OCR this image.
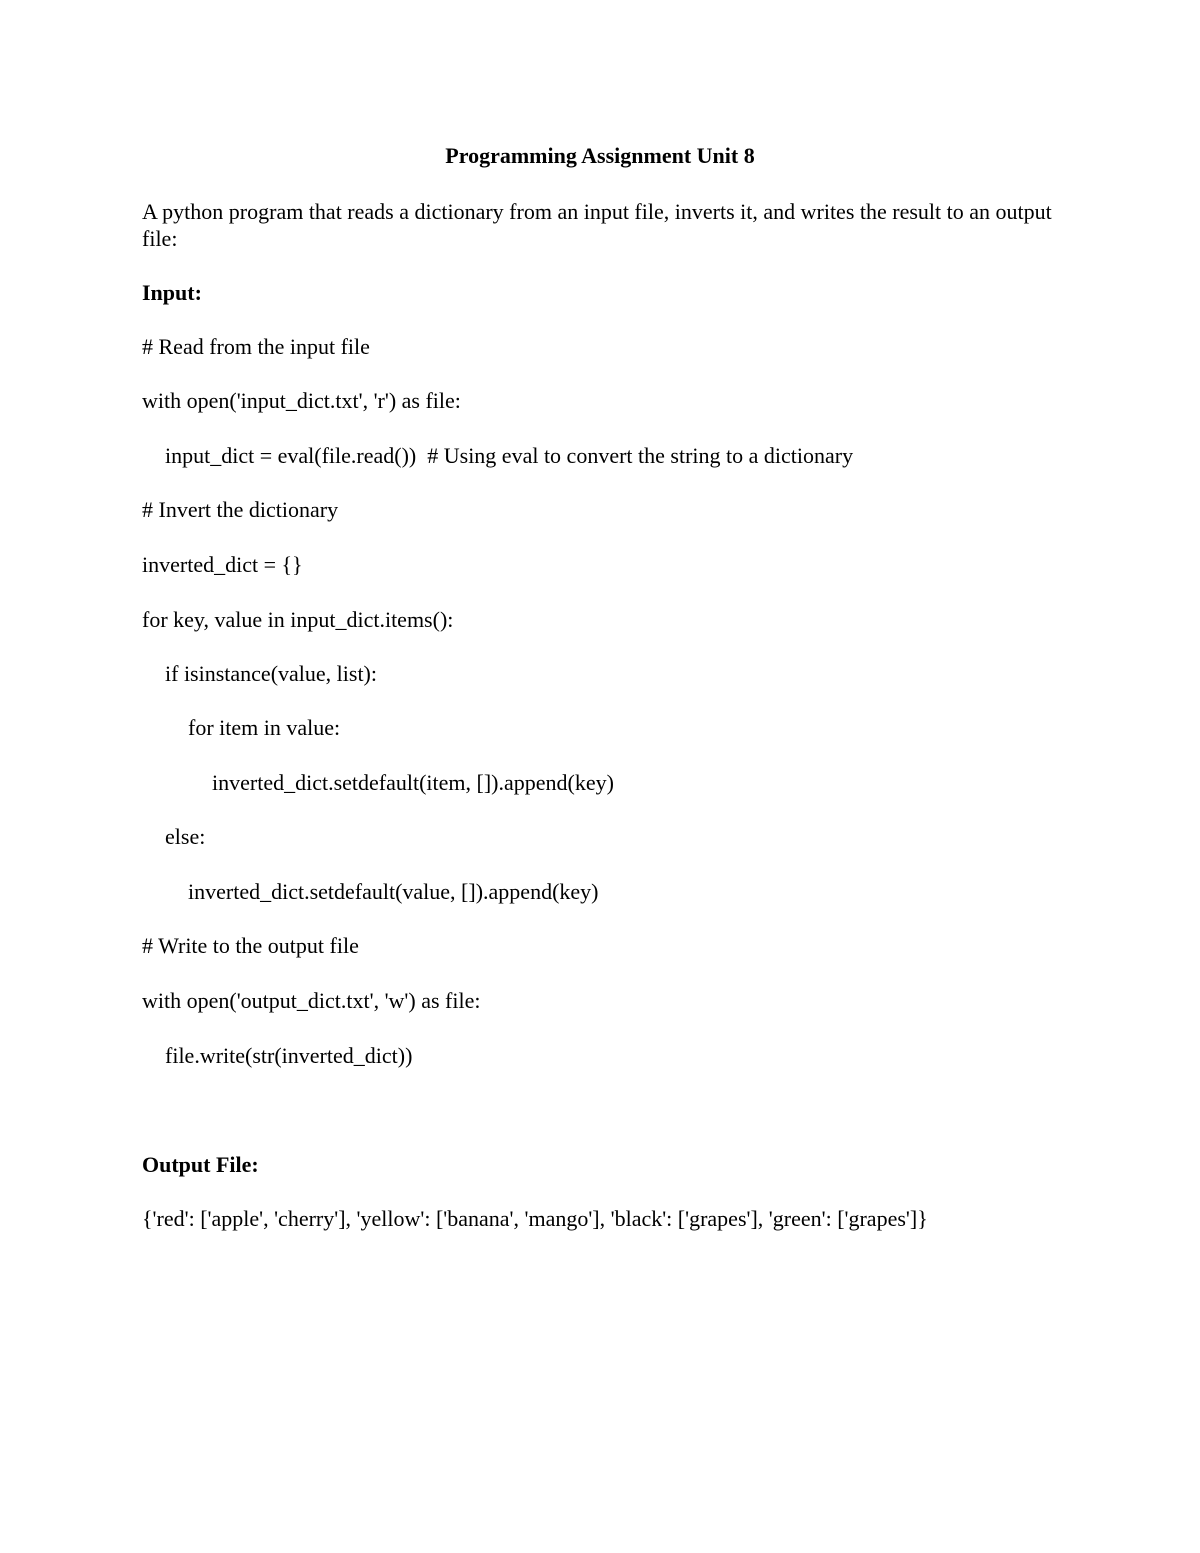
Programming Assignment Unit 8
A python program that reads a dictionary from an input file, inverts it, and writes the result to an output file:
Input:
# Read from the input file
with open('input_dict.txt', 'r') as file:
input_dict = eval(file.read())  # Using eval to convert the string to a dictionary
# Invert the dictionary
inverted_dict = {}
for key, value in input_dict.items():
if isinstance(value, list):
for item in value:
inverted_dict.setdefault(item, []).append(key)
else:
inverted_dict.setdefault(value, []).append(key)
# Write to the output file
with open('output_dict.txt', 'w') as file:
file.write(str(inverted_dict))
Output File:
{'red': ['apple', 'cherry'], 'yellow': ['banana', 'mango'], 'black': ['grapes'], 'green': ['grapes']}
